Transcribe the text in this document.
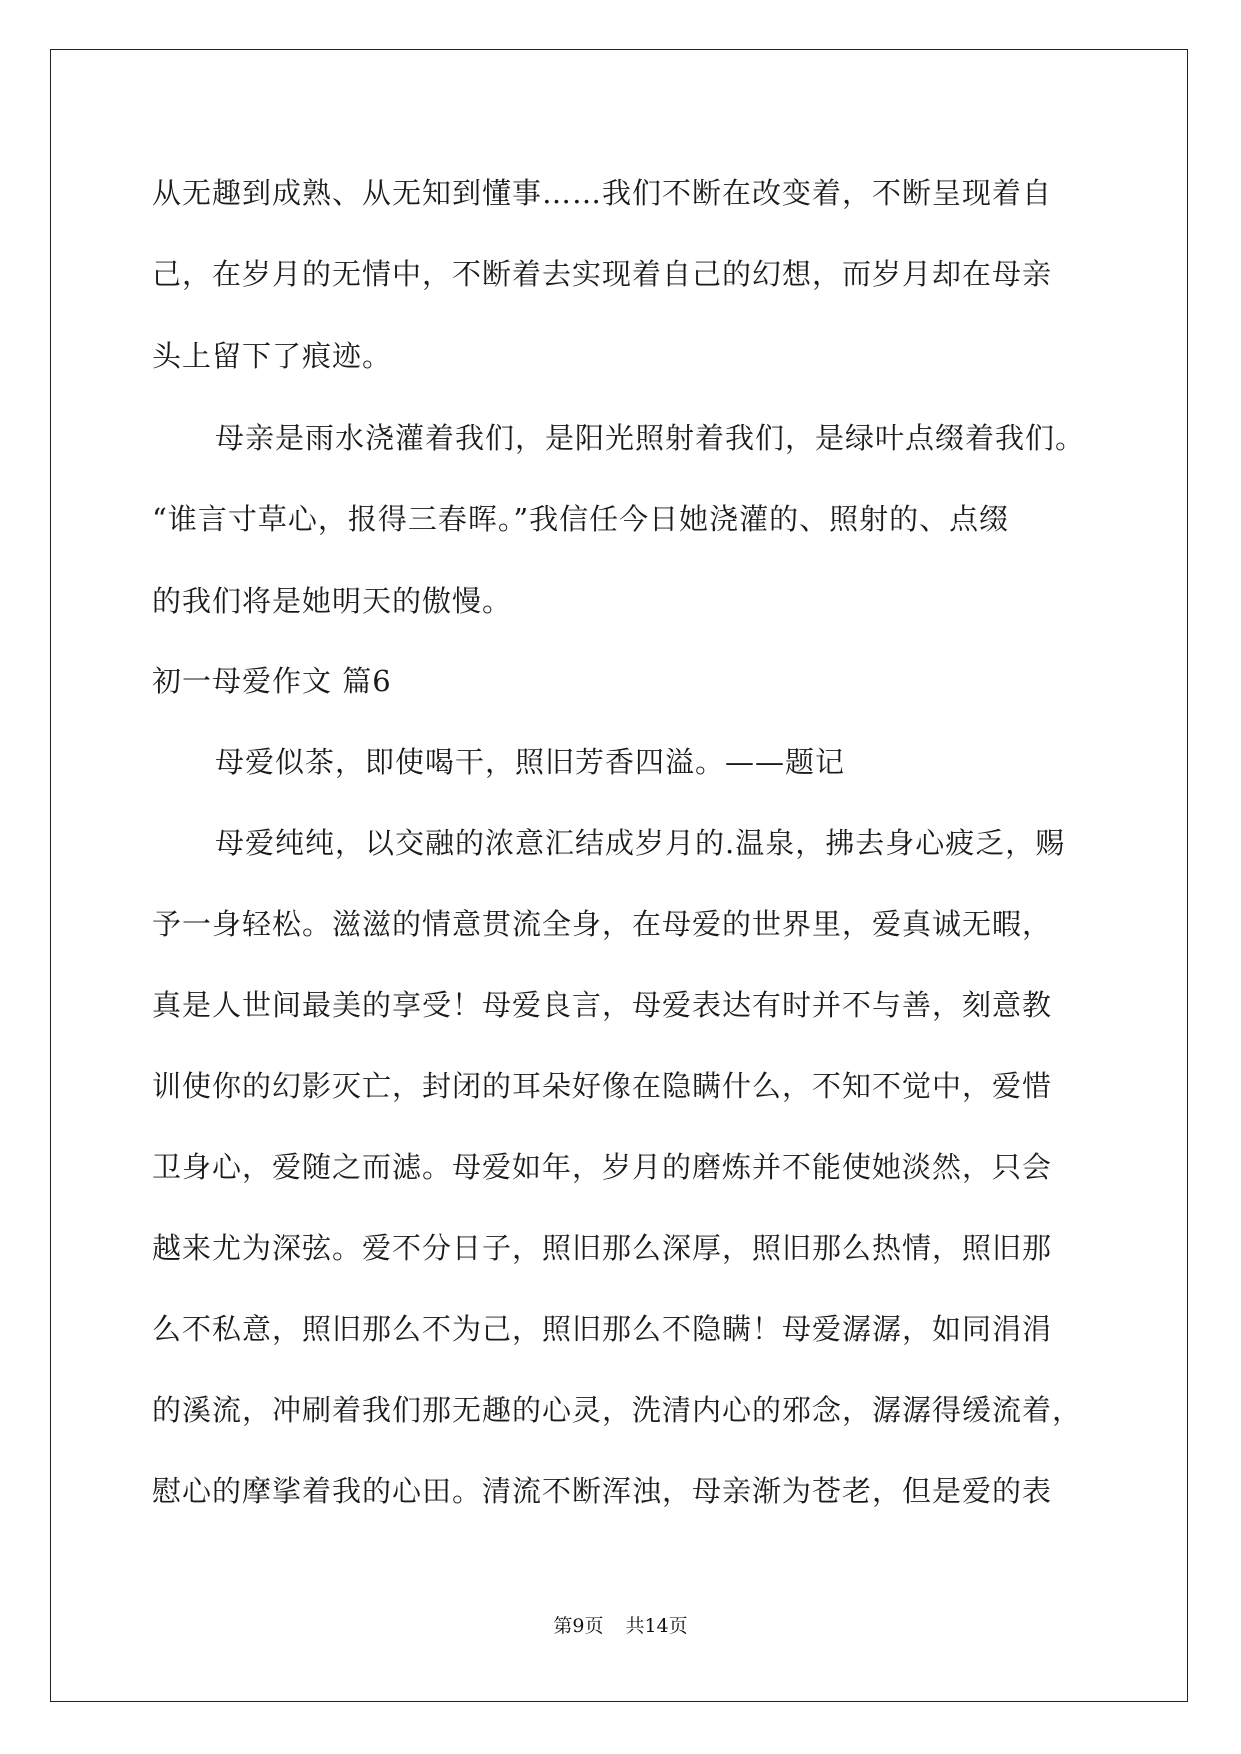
从无趣到成熟、从无知到懂事……我们不断在改变着，不断呈现着自
己，在岁月的无情中，不断着去实现着自己的幻想，而岁月却在母亲
头上留下了痕迹。
母亲是雨水浇灌着我们，是阳光照射着我们，是绿叶点缀着我们。
“谁言寸草心，报得三春晖。”我信任今日她浇灌的、照射的、点缀
的我们将是她明天的傲慢。
初一母爱作文 篇6
母爱似茶，即使喝干，照旧芳香四溢。——题记
母爱纯纯，以交融的浓意汇结成岁月的.温泉，拂去身心疲乏，赐
予一身轻松。滋滋的情意贯流全身，在母爱的世界里，爱真诚无暇，
真是人世间最美的享受！母爱良言，母爱表达有时并不与善，刻意教
训使你的幻影灭亡，封闭的耳朵好像在隐瞒什么，不知不觉中，爱惜
卫身心，爱随之而滤。母爱如年，岁月的磨炼并不能使她淡然，只会
越来尤为深弦。爱不分日子，照旧那么深厚，照旧那么热情，照旧那
么不私意，照旧那么不为己，照旧那么不隐瞒！母爱潺潺，如同涓涓
的溪流，冲刷着我们那无趣的心灵，洗清内心的邪念，潺潺得缓流着，
慰心的摩挲着我的心田。清流不断浑浊，母亲渐为苍老，但是爱的表
第9页 共14页
